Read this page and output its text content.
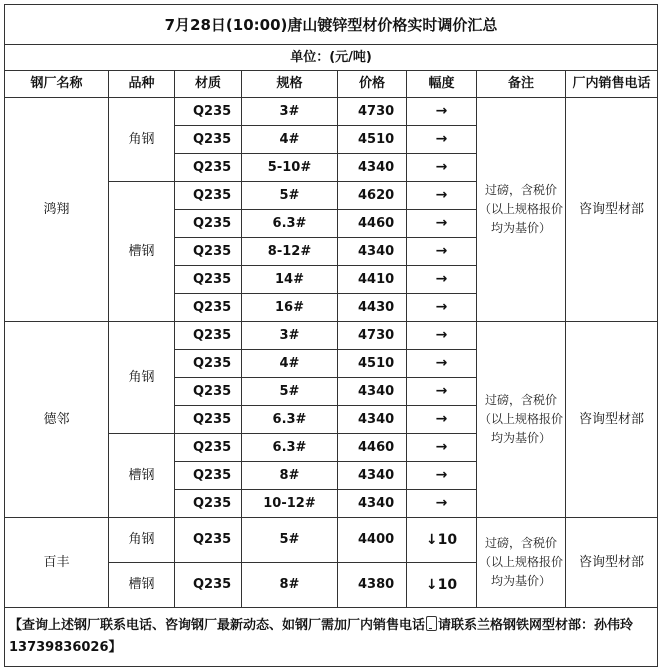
7月28日(10:00)唐山镀锌型材价格实时调价汇总							
单位：(元/吨)							
钢厂名称	品种	材质	规格	价格	幅度	备注	厂内销售电话
鸿翔	角钢	Q235	3#	4730	→	过磅，含税价（以上规格报价均为基价）	咨询型材部
		Q235	4#	4510	→		
		Q235	5-10#	4340	→		
	槽钢	Q235	5#	4620	→		
		Q235	6.3#	4460	→		
		Q235	8-12#	4340	→		
		Q235	14#	4410	→		
		Q235	16#	4430	→		
德邻	角钢	Q235	3#	4730	→	过磅，含税价（以上规格报价均为基价）	咨询型材部
		Q235	4#	4510	→		
		Q235	5#	4340	→		
		Q235	6.3#	4340	→		
	槽钢	Q235	6.3#	4460	→		
		Q235	8#	4340	→		
		Q235	10-12#	4340	→		
百丰	角钢	Q235	5#	4400	↓10	过磅，含税价（以上规格报价均为基价）	咨询型材部
	槽钢	Q235	8#	4380	↓10		
【查询上述钢厂联系电话、咨询钢厂最新动态、如钢厂需加厂内销售电话 请联系兰格钢铁网型材部：孙伟玲13739836026】							
